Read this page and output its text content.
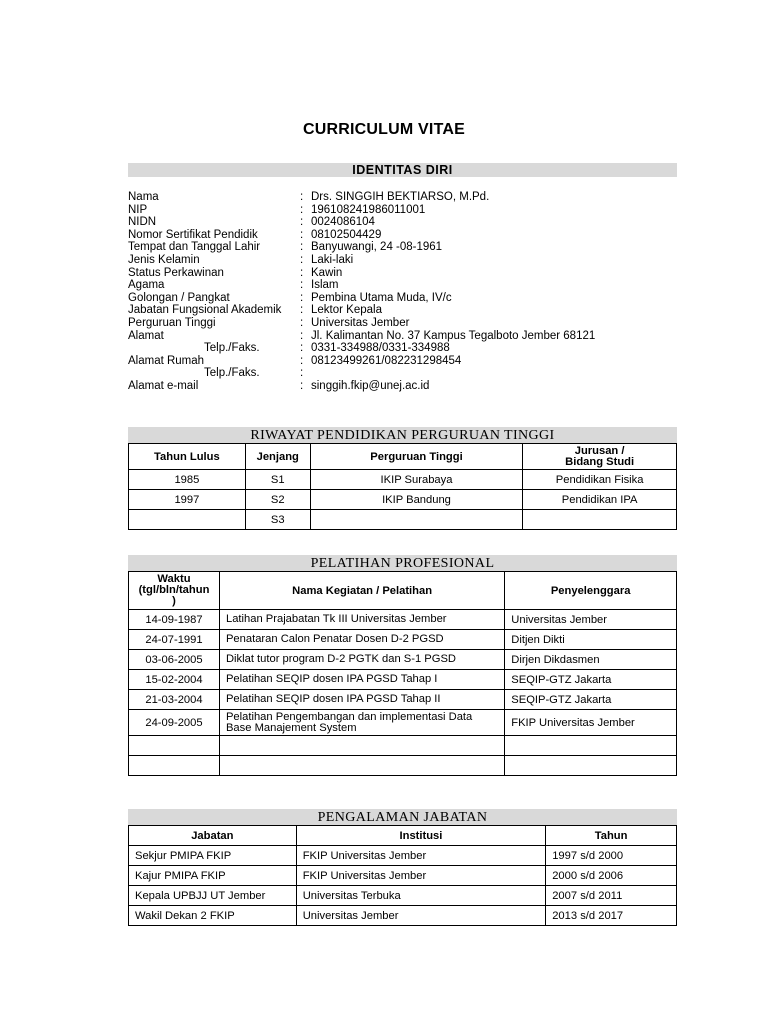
CURRICULUM VITAE
IDENTITAS DIRI
Nama	: Drs. SINGGIH BEKTIARSO, M.Pd.
NIP	: 196108241986011001
NIDN	: 0024086104
Nomor Sertifikat Pendidik	: 08102504429
Tempat dan Tanggal Lahir	: Banyuwangi, 24 -08-1961
Jenis Kelamin	: Laki-laki
Status Perkawinan	: Kawin
Agama	: Islam
Golongan / Pangkat	: Pembina Utama Muda, IV/c
Jabatan Fungsional Akademik	: Lektor Kepala
Perguruan Tinggi	: Universitas Jember
Alamat	: Jl. Kalimantan No. 37 Kampus Tegalboto Jember 68121
Telp./Faks.	: 0331-334988/0331-334988
Alamat Rumah	: 08123499261/082231298454
Telp./Faks.	:
Alamat e-mail	: singgih.fkip@unej.ac.id
RIWAYAT PENDIDIKAN PERGURUAN TINGGI
Tahun Lulus	Jenjang	Perguruan Tinggi	Jurusan /
Bidang Studi
1985	S1	IKIP Surabaya	Pendidikan Fisika
1997	S2	IKIP Bandung	Pendidikan IPA
	S3		
PELATIHAN PROFESIONAL
Waktu
(tgl/bln/tahun
)	Nama Kegiatan / Pelatihan	Penyelenggara
14-09-1987	Latihan Prajabatan Tk III Universitas Jember	Universitas Jember
24-07-1991	Penataran Calon Penatar Dosen D-2 PGSD	Ditjen Dikti
03-06-2005	Diklat tutor program D-2 PGTK dan S-1 PGSD	Dirjen Dikdasmen
15-02-2004	Pelatihan SEQIP dosen IPA PGSD Tahap I	SEQIP-GTZ Jakarta
21-03-2004	Pelatihan SEQIP dosen IPA PGSD Tahap II	SEQIP-GTZ Jakarta
24-09-2005	Pelatihan Pengembangan dan implementasi Data
Base Manajement System	FKIP Universitas Jember

PENGALAMAN JABATAN
Jabatan	Institusi	Tahun
Sekjur PMIPA FKIP	FKIP Universitas Jember	1997 s/d 2000
Kajur PMIPA FKIP	FKIP Universitas Jember	2000 s/d 2006
Kepala UPBJJ UT Jember	Universitas Terbuka	2007 s/d 2011
Wakil Dekan 2 FKIP	Universitas Jember	2013 s/d 2017
